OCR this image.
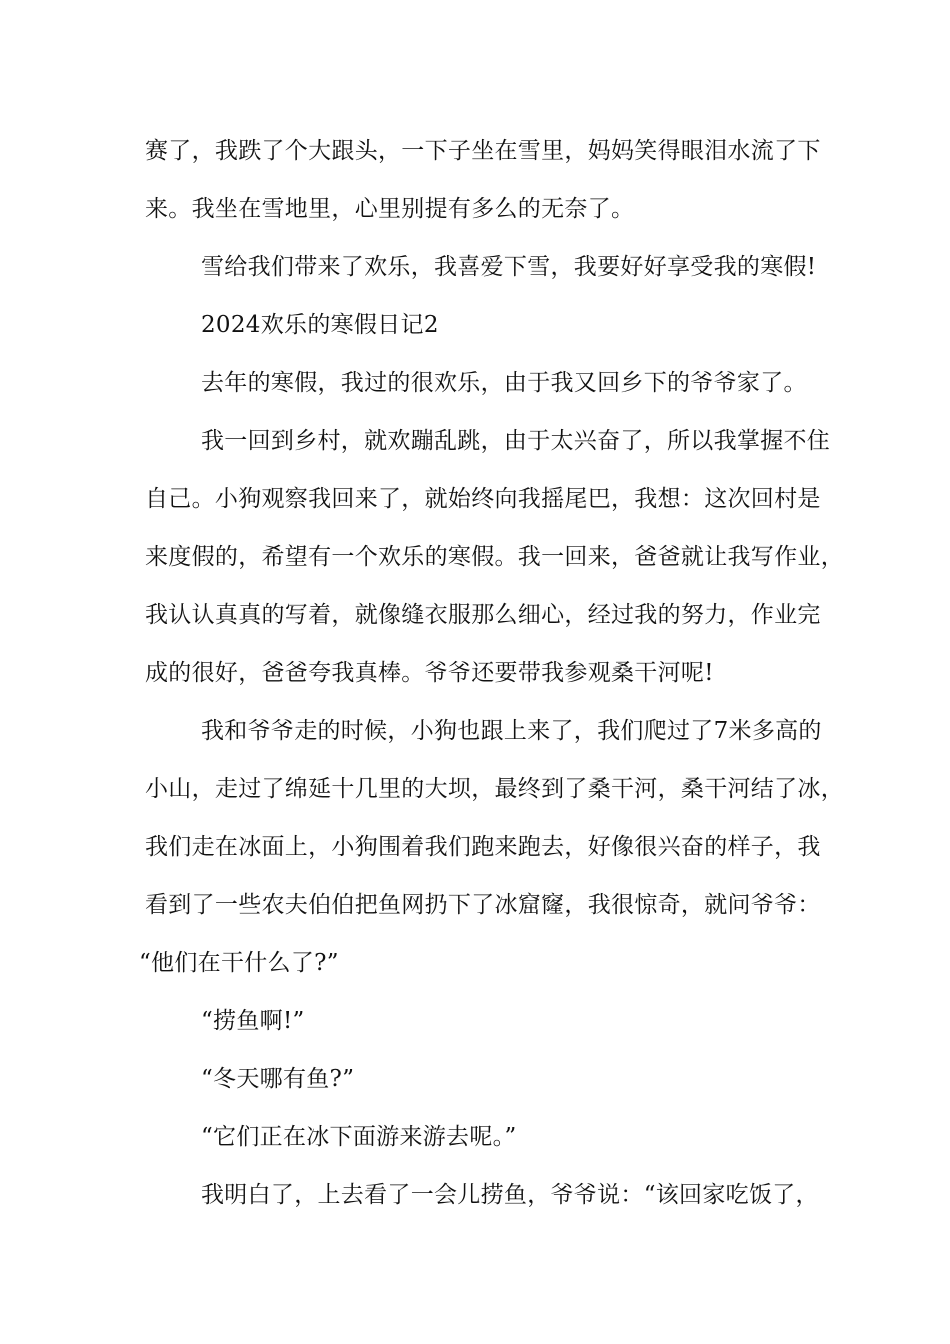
赛了，我跌了个大跟头，一下子坐在雪里，妈妈笑得眼泪水流了下
来。我坐在雪地里，心里别提有多么的无奈了。
雪给我们带来了欢乐，我喜爱下雪，我要好好享受我的寒假!
2024欢乐的寒假日记2
去年的寒假，我过的很欢乐，由于我又回乡下的爷爷家了。
我一回到乡村，就欢蹦乱跳，由于太兴奋了，所以我掌握不住
自己。小狗观察我回来了，就始终向我摇尾巴，我想：这次回村是
来度假的，希望有一个欢乐的寒假。我一回来，爸爸就让我写作业，
我认认真真的写着，就像缝衣服那么细心，经过我的努力，作业完
成的很好，爸爸夸我真棒。爷爷还要带我参观桑干河呢!
我和爷爷走的时候，小狗也跟上来了，我们爬过了7米多高的
小山，走过了绵延十几里的大坝，最终到了桑干河，桑干河结了冰，
我们走在冰面上，小狗围着我们跑来跑去，好像很兴奋的样子，我
看到了一些农夫伯伯把鱼网扔下了冰窟窿，我很惊奇，就问爷爷：
“他们在干什么了?”
“捞鱼啊!”
“冬天哪有鱼?”
“它们正在冰下面游来游去呢。”
我明白了，上去看了一会儿捞鱼，爷爷说：“该回家吃饭了，
